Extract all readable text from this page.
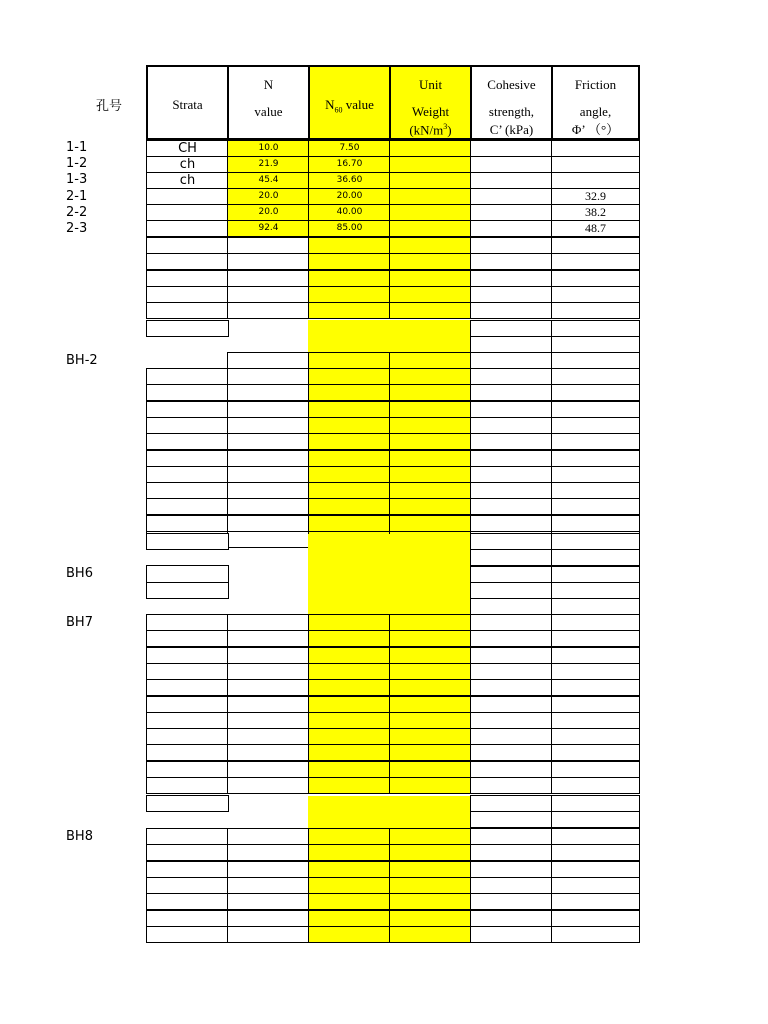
孔号	Strata
N
value	$N_{60}$ value
Unit
Weight
$(kN/m^3)$
Cohesive
strength,
C’ (kPa)
Friction
angle,
Φ’ （°）
1-1
1-2
1-3
2-1
2-2
2-3
CH
ch
ch
10.0
21.9
45.4
20.0
20.0
92.4
7.50
16.70
36.60
20.00
40.00
85.00
32.9
38.2
48.7
BH-2
BH6
BH7
BH8
